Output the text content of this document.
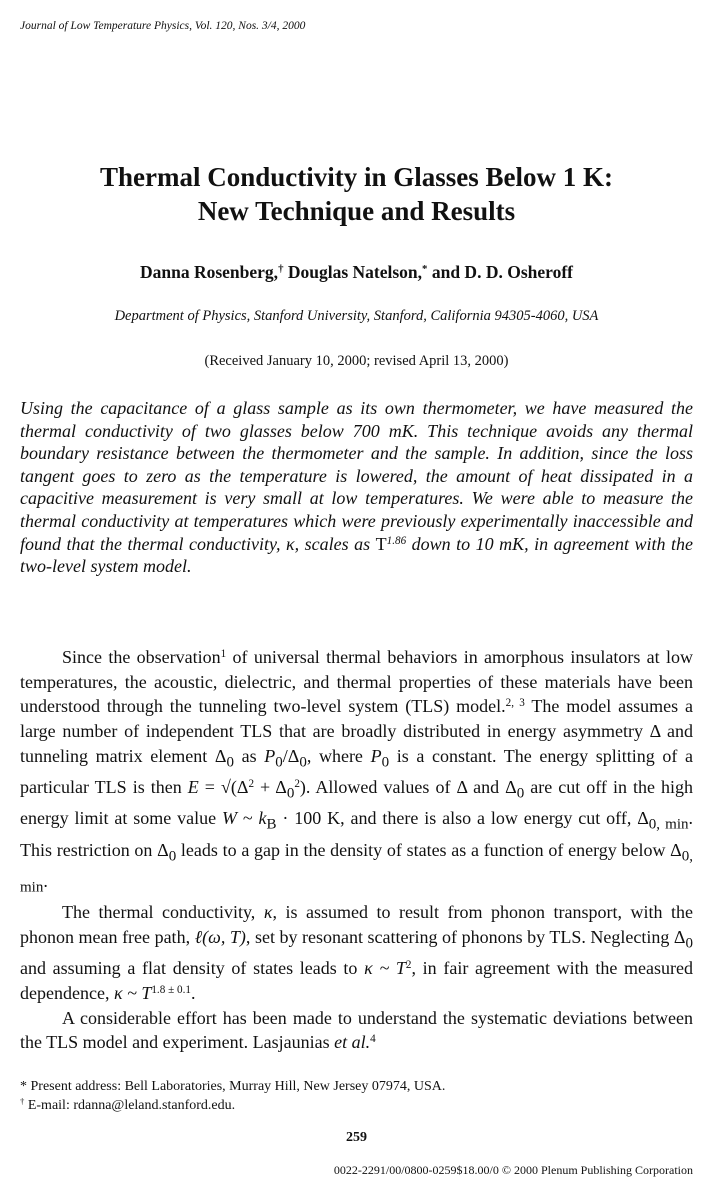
Journal of Low Temperature Physics, Vol. 120, Nos. 3/4, 2000
Thermal Conductivity in Glasses Below 1 K:
New Technique and Results
Danna Rosenberg,† Douglas Natelson,* and D. D. Osheroff
Department of Physics, Stanford University, Stanford, California 94305-4060, USA
(Received January 10, 2000; revised April 13, 2000)
Using the capacitance of a glass sample as its own thermometer, we have measured the thermal conductivity of two glasses below 700 mK. This technique avoids any thermal boundary resistance between the thermometer and the sample. In addition, since the loss tangent goes to zero as the temperature is lowered, the amount of heat dissipated in a capacitive measurement is very small at low temperatures. We were able to measure the thermal conductivity at temperatures which were previously experimentally inaccessible and found that the thermal conductivity, κ, scales as $T^{1.86}$ down to 10 mK, in agreement with the two-level system model.

Since the observation$^1$ of universal thermal behaviors in amorphous insulators at low temperatures, the acoustic, dielectric, and thermal properties of these materials have been understood through the tunneling two-level system (TLS) model.$^{2, 3}$ The model assumes a large number of independent TLS that are broadly distributed in energy asymmetry Δ and tunneling matrix element $\Delta_0$ as $P_0/\Delta_0$, where $P_0$ is a constant. The energy splitting of a particular TLS is then $E = √(\Delta^2 + \Delta_0^2)$. Allowed values of Δ and $\Delta_0$ are cut off in the high energy limit at some value W ~ $k_B \cdot 100$ K, and there is also a low energy cut off, $\Delta_{0, min}$. This restriction on $\Delta_0$ leads to a gap in the density of states as a function of energy below $\Delta_{0, min}$.

The thermal conductivity, κ, is assumed to result from phonon transport, with the phonon mean free path, ℓ(ω, T), set by resonant scattering of phonons by TLS. Neglecting $\Delta_0$ and assuming a flat density of states leads to κ ~ $T^2$, in fair agreement with the measured dependence, κ ~ $T^{1.8 \pm 0.1}$.

A considerable effort has been made to understand the systematic deviations between the TLS model and experiment. Lasjaunias et al.$^4$

* Present address: Bell Laboratories, Murray Hill, New Jersey 07974, USA.
† E-mail: rdanna@leland.stanford.edu.
259
0022-2291/00/0800-0259$18.00/0 © 2000 Plenum Publishing Corporation
